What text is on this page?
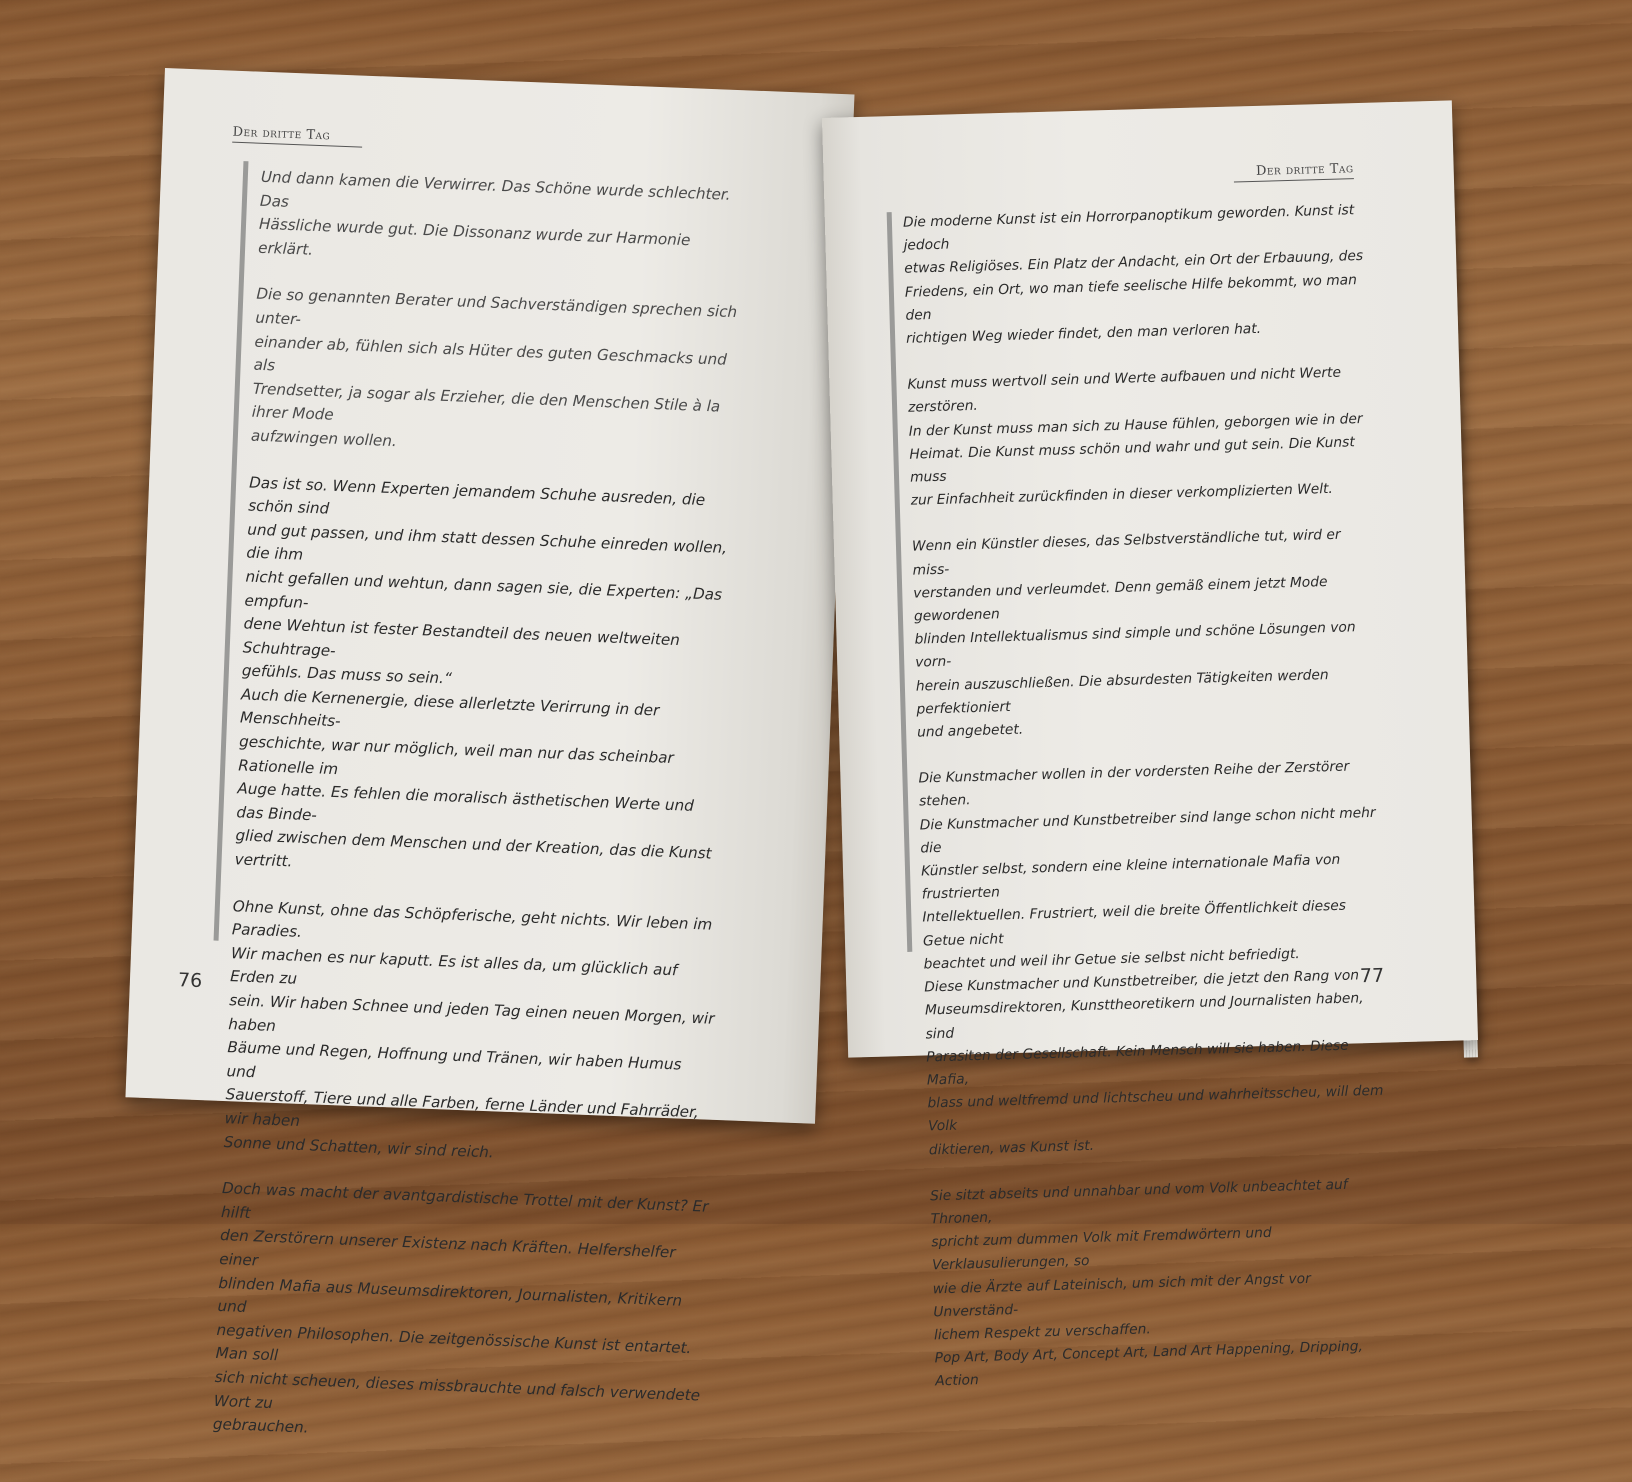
Der dritte Tag

Und dann kamen die Verwirrer. Das Schöne wurde schlechter. Das
Hässliche wurde gut. Die Dissonanz wurde zur Harmonie erklärt.

Die so genannten Berater und Sachverständigen sprechen sich unter-
einander ab, fühlen sich als Hüter des guten Geschmacks und als
Trendsetter, ja sogar als Erzieher, die den Menschen Stile à la ihrer Mode
aufzwingen wollen.

Das ist so. Wenn Experten jemandem Schuhe ausreden, die schön sind
und gut passen, und ihm statt dessen Schuhe einreden wollen, die ihm
nicht gefallen und wehtun, dann sagen sie, die Experten: „Das empfun-
dene Wehtun ist fester Bestandteil des neuen weltweiten Schuhtrage-
gefühls. Das muss so sein.“

Auch die Kernenergie, diese allerletzte Verirrung in der Menschheits-
geschichte, war nur möglich, weil man nur das scheinbar Rationelle im
Auge hatte. Es fehlen die moralisch ästhetischen Werte und das Binde-
glied zwischen dem Menschen und der Kreation, das die Kunst vertritt.

Ohne Kunst, ohne das Schöpferische, geht nichts. Wir leben im Paradies.
Wir machen es nur kaputt. Es ist alles da, um glücklich auf Erden zu
sein. Wir haben Schnee und jeden Tag einen neuen Morgen, wir haben
Bäume und Regen, Hoffnung und Tränen, wir haben Humus und
Sauerstoff, Tiere und alle Farben, ferne Länder und Fahrräder, wir haben
Sonne und Schatten, wir sind reich.

Doch was macht der avantgardistische Trottel mit der Kunst? Er hilft
den Zerstörern unserer Existenz nach Kräften. Helfershelfer einer
blinden Mafia aus Museumsdirektoren, Journalisten, Kritikern und
negativen Philosophen. Die zeitgenössische Kunst ist entartet. Man soll
sich nicht scheuen, dieses missbrauchte und falsch verwendete Wort zu
gebrauchen.

76
Der dritte Tag

Die moderne Kunst ist ein Horrorpanoptikum geworden. Kunst ist jedoch
etwas Religiöses. Ein Platz der Andacht, ein Ort der Erbauung, des
Friedens, ein Ort, wo man tiefe seelische Hilfe bekommt, wo man den
richtigen Weg wieder findet, den man verloren hat.

Kunst muss wertvoll sein und Werte aufbauen und nicht Werte zerstören.
In der Kunst muss man sich zu Hause fühlen, geborgen wie in der
Heimat. Die Kunst muss schön und wahr und gut sein. Die Kunst muss
zur Einfachheit zurückfinden in dieser verkomplizierten Welt.

Wenn ein Künstler dieses, das Selbstverständliche tut, wird er miss-
verstanden und verleumdet. Denn gemäß einem jetzt Mode gewordenen
blinden Intellektualismus sind simple und schöne Lösungen von vorn-
herein auszuschließen. Die absurdesten Tätigkeiten werden perfektioniert
und angebetet.

Die Kunstmacher wollen in der vordersten Reihe der Zerstörer stehen.
Die Kunstmacher und Kunstbetreiber sind lange schon nicht mehr die
Künstler selbst, sondern eine kleine internationale Mafia von frustrierten
Intellektuellen. Frustriert, weil die breite Öffentlichkeit dieses Getue nicht
beachtet und weil ihr Getue sie selbst nicht befriedigt.

Diese Kunstmacher und Kunstbetreiber, die jetzt den Rang von
Museumsdirektoren, Kunsttheoretikern und Journalisten haben, sind
Parasiten der Gesellschaft. Kein Mensch will sie haben. Diese Mafia,
blass und weltfremd und lichtscheu und wahrheitsscheu, will dem Volk
diktieren, was Kunst ist.

Sie sitzt abseits und unnahbar und vom Volk unbeachtet auf Thronen,
spricht zum dummen Volk mit Fremdwörtern und Verklausulierungen, so
wie die Ärzte auf Lateinisch, um sich mit der Angst vor Unverständ-
lichem Respekt zu verschaffen.

Pop Art, Body Art, Concept Art, Land Art Happening, Dripping, Action

77
